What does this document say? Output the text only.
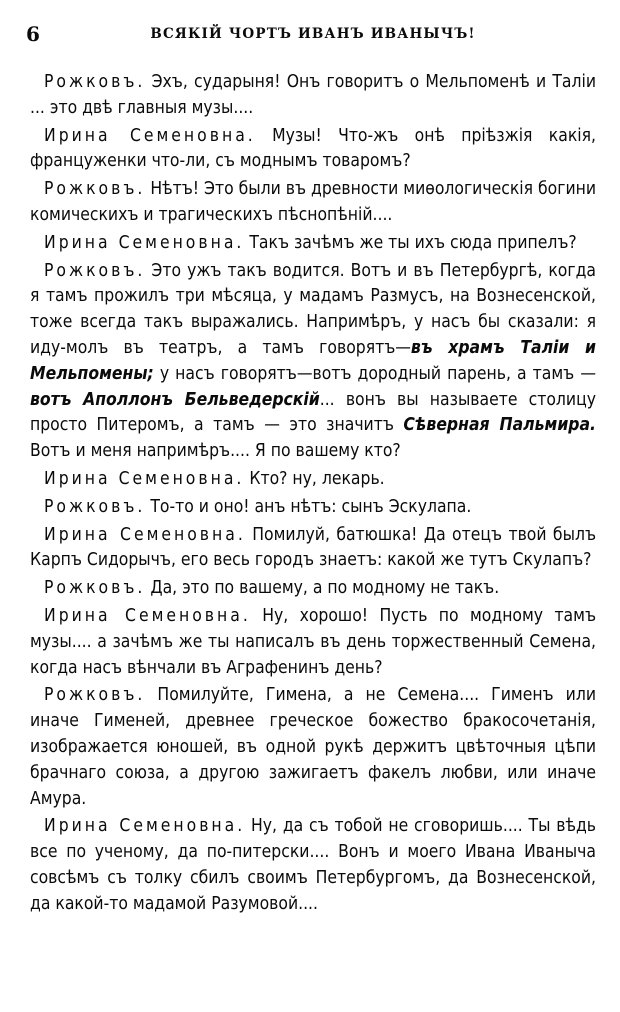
6	ВСЯКІЙ ЧОРТЪ ИВАНЪ ИВАНЫЧЪ!

Рожковъ. Эхъ, сударыня! Онъ говоритъ о Мельпоменѣ и Таліи ... это двѣ главныя музы....

Ирина Семеновна. Музы! Что-жъ онѣ пріѣзжія какія, француженки что-ли, съ моднымъ товаромъ?

Рожковъ. Нѣтъ! Это были въ древности миѳологическія богини комическихъ и трагическихъ пѣснопѣній....

Ирина Семеновна. Такъ зачѣмъ же ты ихъ сюда припелъ?

Рожковъ. Это ужъ такъ водится. Вотъ и въ Петербургѣ, когда я тамъ прожилъ три мѣсяца, у мадамъ Размусъ, на Вознесенской, тоже всегда такъ выражались. Напримѣръ, у насъ бы сказали: я иду-молъ въ театръ, а тамъ говорятъ—въ храмъ Таліи и Мельпомены; у насъ говорятъ—вотъ дородный парень, а тамъ — вотъ Аполлонъ Бельведерскій... вонъ вы называете столицу просто Питеромъ, а тамъ — это значитъ Сѣверная Пальмира. Вотъ и меня напримѣръ.... Я по вашему кто?

Ирина Семеновна. Кто? ну, лекарь.

Рожковъ. То-то и оно! анъ нѣтъ: сынъ Эскулапа.

Ирина Семеновна. Помилуй, батюшка! Да отецъ твой былъ Карпъ Сидорычъ, его весь городъ знаетъ: какой же тутъ Скулапъ?

Рожковъ. Да, это по вашему, а по модному не такъ.

Ирина Семеновна. Ну, хорошо! Пусть по модному тамъ музы.... а зачѣмъ же ты написалъ въ день торжественный Семена, когда насъ вѣнчали въ Аграфенинъ день?

Рожковъ. Помилуйте, Гимена, а не Семена.... Гименъ или иначе Гименей, древнее греческое божество бракосочетанія, изображается юношей, въ одной рукѣ держитъ цвѣточныя цѣпи брачнаго союза, а другою зажигаетъ факелъ любви, или иначе Амура.

Ирина Семеновна. Ну, да съ тобой не сговоришь.... Ты вѣдь все по ученому, да по-питерски.... Вонъ и моего Ивана Иваныча совсѣмъ съ толку сбилъ своимъ Петербургомъ, да Вознесенской, да какой-то мадамой Разумовой....
